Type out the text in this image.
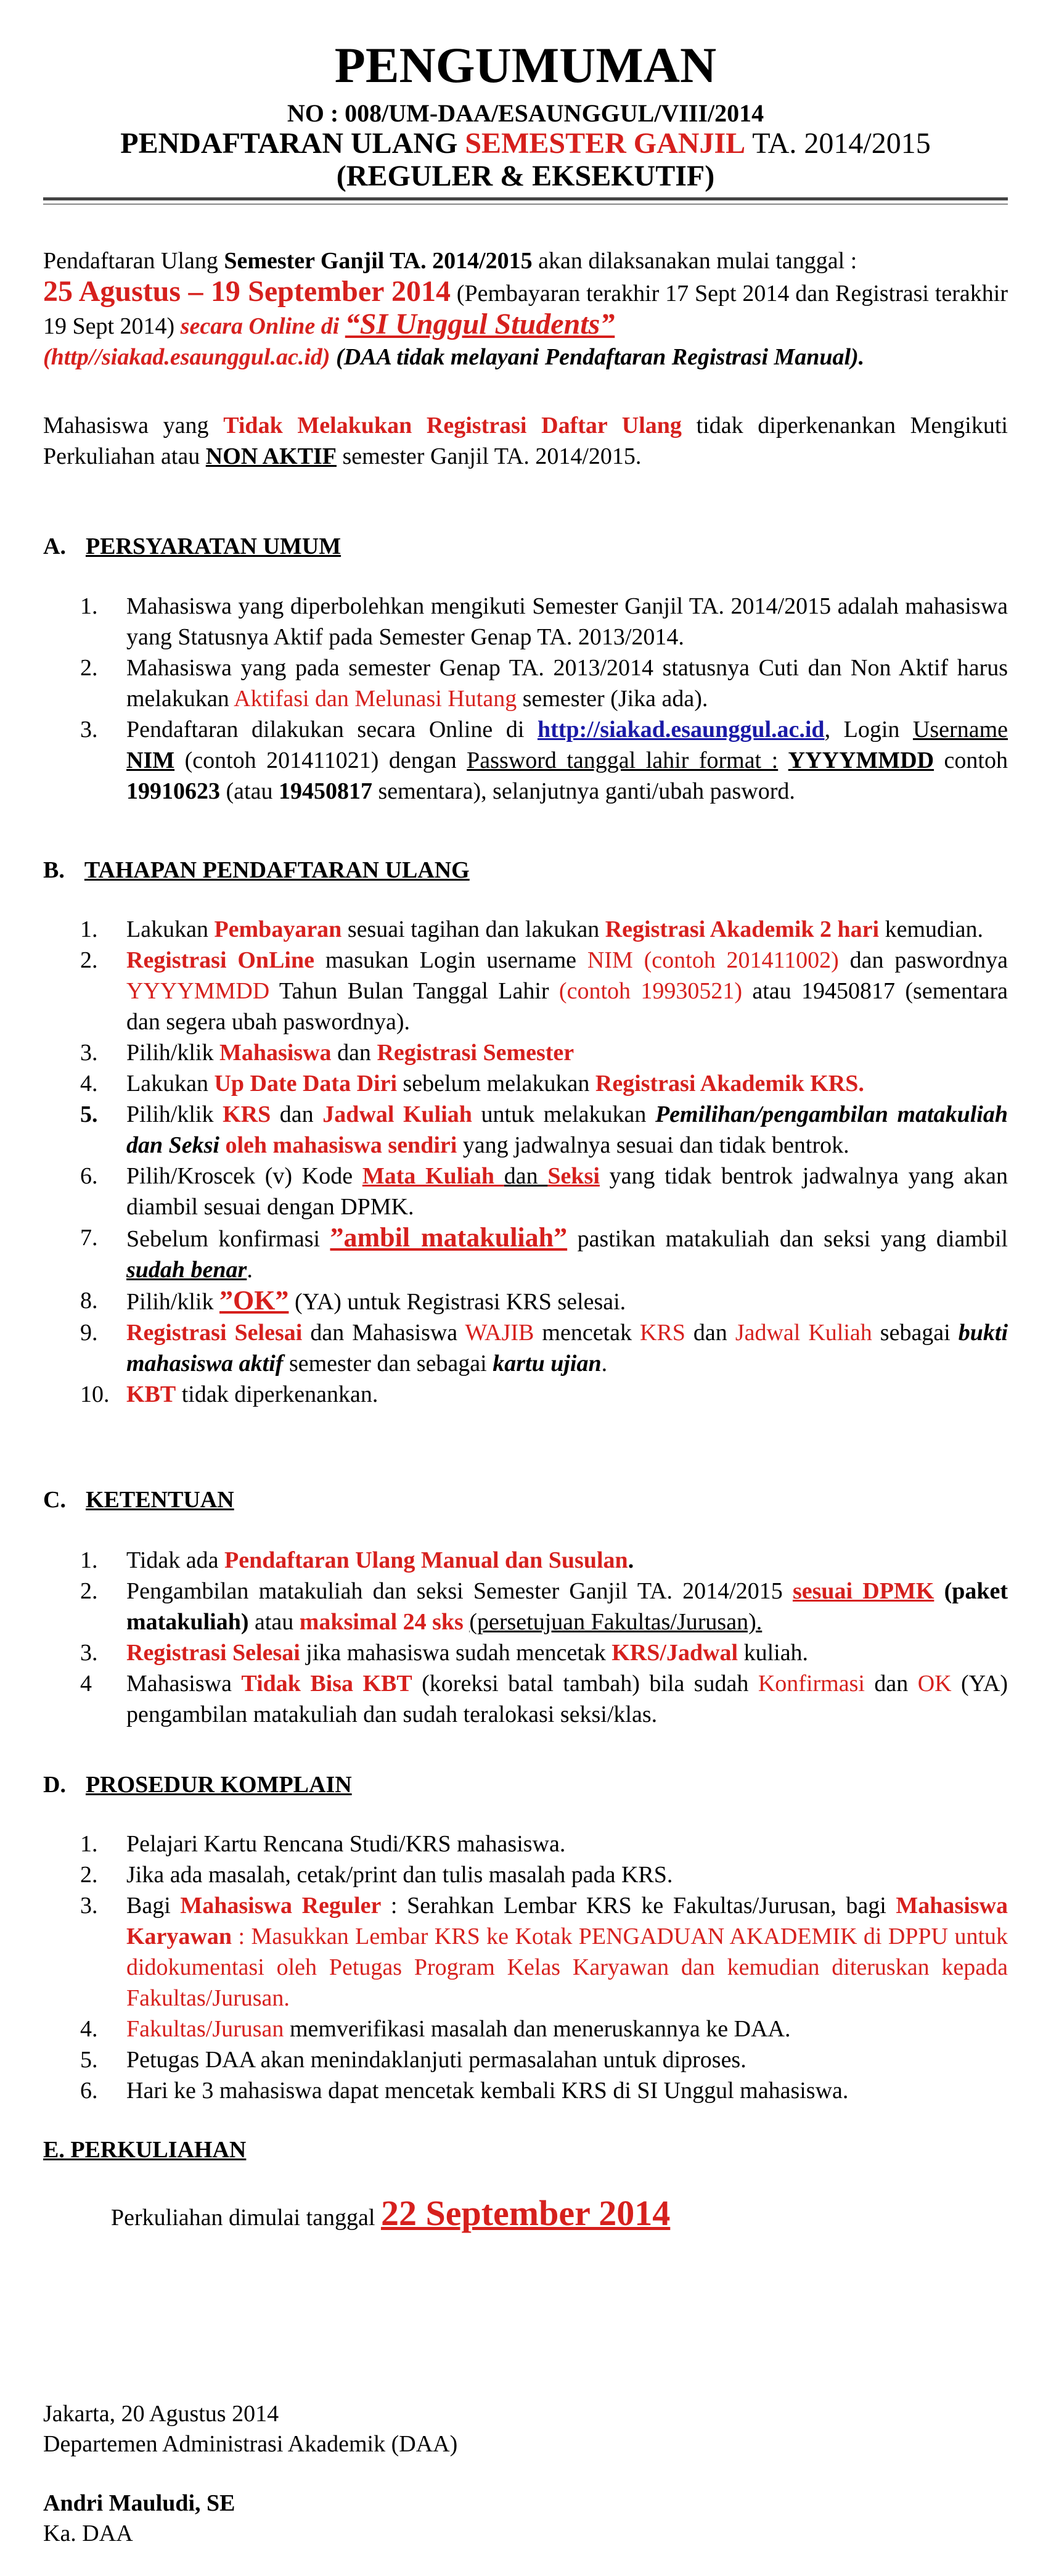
PENGUMUMAN
NO : 008/UM-DAA/ESAUNGGUL/VIII/2014
PENDAFTARAN ULANG SEMESTER GANJIL TA. 2014/2015
(REGULER & EKSEKUTIF)
Pendaftaran Ulang Semester Ganjil TA. 2014/2015 akan dilaksanakan mulai tanggal :
25 Agustus – 19 September 2014 (Pembayaran terakhir 17 Sept 2014 dan Registrasi terakhir 19 Sept 2014) secara Online di “SI Unggul Students”
(http//siakad.esaunggul.ac.id) (DAA tidak melayani Pendaftaran Registrasi Manual).
Mahasiswa yang Tidak Melakukan Registrasi Daftar Ulang tidak diperkenankan Mengikuti Perkuliahan atau NON AKTIF semester Ganjil TA. 2014/2015.
A. PERSYARATAN UMUM
1. Mahasiswa yang diperbolehkan mengikuti Semester Ganjil TA. 2014/2015 adalah mahasiswa yang Statusnya Aktif pada Semester Genap TA. 2013/2014.
2. Mahasiswa yang pada semester Genap TA. 2013/2014 statusnya Cuti dan Non Aktif harus melakukan Aktifasi dan Melunasi Hutang semester (Jika ada).
3. Pendaftaran dilakukan secara Online di http://siakad.esaunggul.ac.id, Login Username NIM (contoh 201411021) dengan Password tanggal lahir format : YYYYMMDD contoh 19910623 (atau 19450817 sementara), selanjutnya ganti/ubah pasword.
B. TAHAPAN PENDAFTARAN ULANG
1. Lakukan Pembayaran sesuai tagihan dan lakukan Registrasi Akademik 2 hari kemudian.
2. Registrasi OnLine masukan Login username NIM (contoh 201411002) dan paswordnya YYYYMMDD Tahun Bulan Tanggal Lahir (contoh 19930521) atau 19450817 (sementara dan segera ubah paswordnya).
3. Pilih/klik Mahasiswa dan Registrasi Semester
4. Lakukan Up Date Data Diri sebelum melakukan Registrasi Akademik KRS.
5. Pilih/klik KRS dan Jadwal Kuliah untuk melakukan Pemilihan/pengambilan matakuliah dan Seksi oleh mahasiswa sendiri yang jadwalnya sesuai dan tidak bentrok.
6. Pilih/Kroscek (v) Kode Mata Kuliah dan Seksi yang tidak bentrok jadwalnya yang akan diambil sesuai dengan DPMK.
7. Sebelum konfirmasi ”ambil matakuliah” pastikan matakuliah dan seksi yang diambil sudah benar.
8. Pilih/klik ”OK” (YA) untuk Registrasi KRS selesai.
9. Registrasi Selesai dan Mahasiswa WAJIB mencetak KRS dan Jadwal Kuliah sebagai bukti mahasiswa aktif semester dan sebagai kartu ujian.
10. KBT tidak diperkenankan.
C. KETENTUAN
1. Tidak ada Pendaftaran Ulang Manual dan Susulan.
2. Pengambilan matakuliah dan seksi Semester Ganjil TA. 2014/2015 sesuai DPMK (paket matakuliah) atau maksimal 24 sks (persetujuan Fakultas/Jurusan).
3. Registrasi Selesai jika mahasiswa sudah mencetak KRS/Jadwal kuliah.
4 Mahasiswa Tidak Bisa KBT (koreksi batal tambah) bila sudah Konfirmasi dan OK (YA) pengambilan matakuliah dan sudah teralokasi seksi/klas.
D. PROSEDUR KOMPLAIN
1. Pelajari Kartu Rencana Studi/KRS mahasiswa.
2. Jika ada masalah, cetak/print dan tulis masalah pada KRS.
3. Bagi Mahasiswa Reguler : Serahkan Lembar KRS ke Fakultas/Jurusan, bagi Mahasiswa Karyawan : Masukkan Lembar KRS ke Kotak PENGADUAN AKADEMIK di DPPU untuk didokumentasi oleh Petugas Program Kelas Karyawan dan kemudian diteruskan kepada Fakultas/Jurusan.
4. Fakultas/Jurusan memverifikasi masalah dan meneruskannya ke DAA.
5. Petugas DAA akan menindaklanjuti permasalahan untuk diproses.
6. Hari ke 3 mahasiswa dapat mencetak kembali KRS di SI Unggul mahasiswa.
E. PERKULIAHAN
Perkuliahan dimulai tanggal 22 September 2014
Jakarta, 20 Agustus 2014
Departemen Administrasi Akademik (DAA)
Andri Mauludi, SE
Ka. DAA
